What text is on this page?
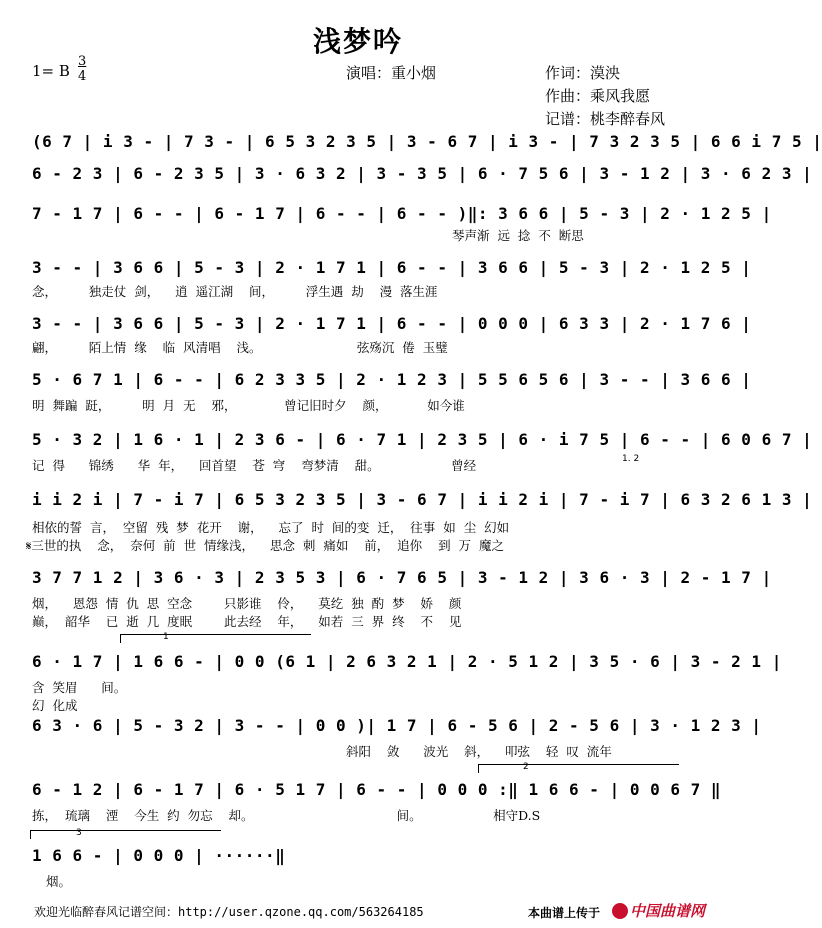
浅梦吟
1= B
3
4	演唱：重小烟	作词：漠泱
作曲：乘风我愿
记谱：桃李醉春风
(6 7 | i 3 - | 7 3 - | 6 5 3 2 3 5 | 3 - 6 7 | i 3 - | 7 3 2 3 5 | 6 6 i 7 5 |
6 - 2 3 | 6 - 2 3 5 | 3 · 6 3 2 | 3 - 3 5 | 6 · 7 5 6 | 3 - 1 2 | 3 · 6 2 3 |
7 - 1 7 | 6 - - | 6 - 1 7 | 6 - - | 6 - - )‖: 3 6 6 | 5 - 3 | 2 · 1 2 5 |
琴声渐  远  捻  不  断思
3 - - | 3 6 6 | 5 - 3 | 2 · 1 7 1 | 6 - - | 3 6 6 | 5 - 3 | 2 · 1 2 5 |
念，        独走仗  剑，    逍  遥江湖    间，        浮生遇  劫    漫  落生涯
3 - - | 3 6 6 | 5 - 3 | 2 · 1 7 1 | 6 - - | 0 0 0 | 6 3 3 | 2 · 1 7 6 |
翩，        陌上情  缘    临  风清唱    浅。                        弦殇沉  倦  玉璧
5 · 6 7 1 | 6 - - | 6 2 3 3 5 | 2 · 1 2 3 | 5 5 6 5 6 | 3 - - | 3 6 6 |
明  舞蹁  跹，        明  月  无    邪，            曾记旧时夕    颜，          如今谁
5 · 3 2 | 1 6 · 1 | 2 3 6 - | 6 · 7 1 | 2 3 5 | 6 · i 7 5 | 6 - - | 6 0 6 7 |
记  得      锦绣      华  年，    回首望    苍  穹    弯梦清    甜。                  曾经	1. 2
i i 2 i | 7 - i 7 | 6 5 3 2 3 5 | 3 - 6 7 | i i 2 i | 7 - i 7 | 6 3 2 6 1 3 |
相依的誓  言，  空留  残  梦  花开    谢，    忘了  时  间的变  迁，  往事  如  尘  幻如
𝄋三世的执    念，  奈何  前  世  情缘浅，    思念  刺  痛如    前，  追你    到  万  魔之
3 7 7 1 2 | 3 6 · 3 | 2 3 5 3 | 6 · 7 6 5 | 3 - 1 2 | 3 6 · 3 | 2 - 1 7 |
烟，    恩怨  情  仇  思  空念        只影谁    伶，    莫纥  独  酌  梦    娇    颜
巅，  韶华    已  逝  几  度眠        此去经    年，    如若  三  界  终    不    见
1
6 · 1 7 | 1 6 6 - | 0 0 (6 1 | 2 6 3 2 1 | 2 · 5 1 2 | 3 5 · 6 | 3 - 2 1 |
含  笑眉      间。
幻  化成
6 3 · 6 | 5 - 3 2 | 3 - - | 0 0 )| 1 7 | 6 - 5 6 | 2 - 5 6 | 3 · 1 2 3 |
斜阳    敛      波光    斜，    叩弦    轻  叹  流年
2
6 - 1 2 | 6 - 1 7 | 6 · 5 1 7 | 6 - - | 0 0 0 :‖ 1 6 6 - | 0 0 6 7 ‖
拣，  琉璃    湮    今生  约  勿忘    却。                                    间。                  相守D.S
3
1 6 6 - | 0 0 0 | ······‖
烟。
欢迎光临醉春风记谱空间：http://user.qzone.qq.com/563264185	本曲谱上传于	中国曲谱网
